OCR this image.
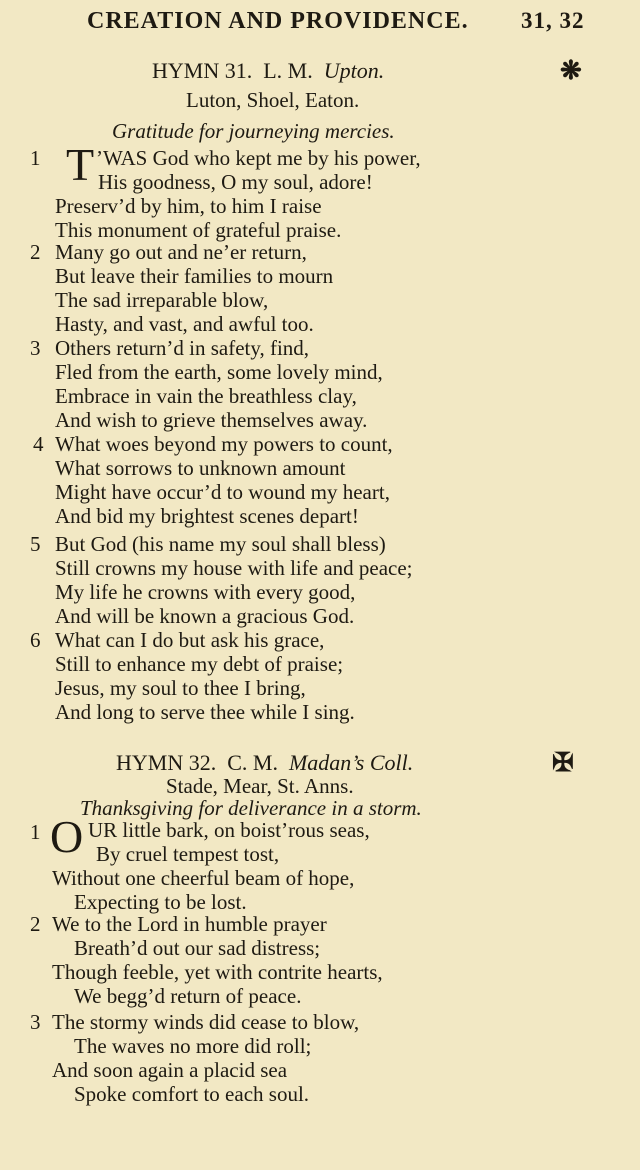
CREATION AND PROVIDENCE. 31, 32
HYMN 31. L. M. Upton.	❋
Luton, Shoel, Eaton.
Gratitude for journeying mercies.
1 T ’WAS God who kept me by his power,
His goodness, O my soul, adore!
Preserv’d by him, to him I raise
This monument of grateful praise.
2 Many go out and ne’er return,
But leave their families to mourn
The sad irreparable blow,
Hasty, and vast, and awful too.
3 Others return’d in safety, find,
Fled from the earth, some lovely mind,
Embrace in vain the breathless clay,
And wish to grieve themselves away.
4 What woes beyond my powers to count,
What sorrows to unknown amount
Might have occur’d to wound my heart,
And bid my brightest scenes depart!
5 But God (his name my soul shall bless)
Still crowns my house with life and peace;
My life he crowns with every good,
And will be known a gracious God.
6 What can I do but ask his grace,
Still to enhance my debt of praise;
Jesus, my soul to thee I bring,
And long to serve thee while I sing.
HYMN 32. C. M. Madan’s Coll.	✠
Stade, Mear, St. Anns.
Thanksgiving for deliverance in a storm.
1 O UR little bark, on boist’rous seas,
By cruel tempest tost,
Without one cheerful beam of hope,
Expecting to be lost.
2 We to the Lord in humble prayer
Breath’d out our sad distress;
Though feeble, yet with contrite hearts,
We begg’d return of peace.
3 The stormy winds did cease to blow,
The waves no more did roll;
And soon again a placid sea
Spoke comfort to each soul.
